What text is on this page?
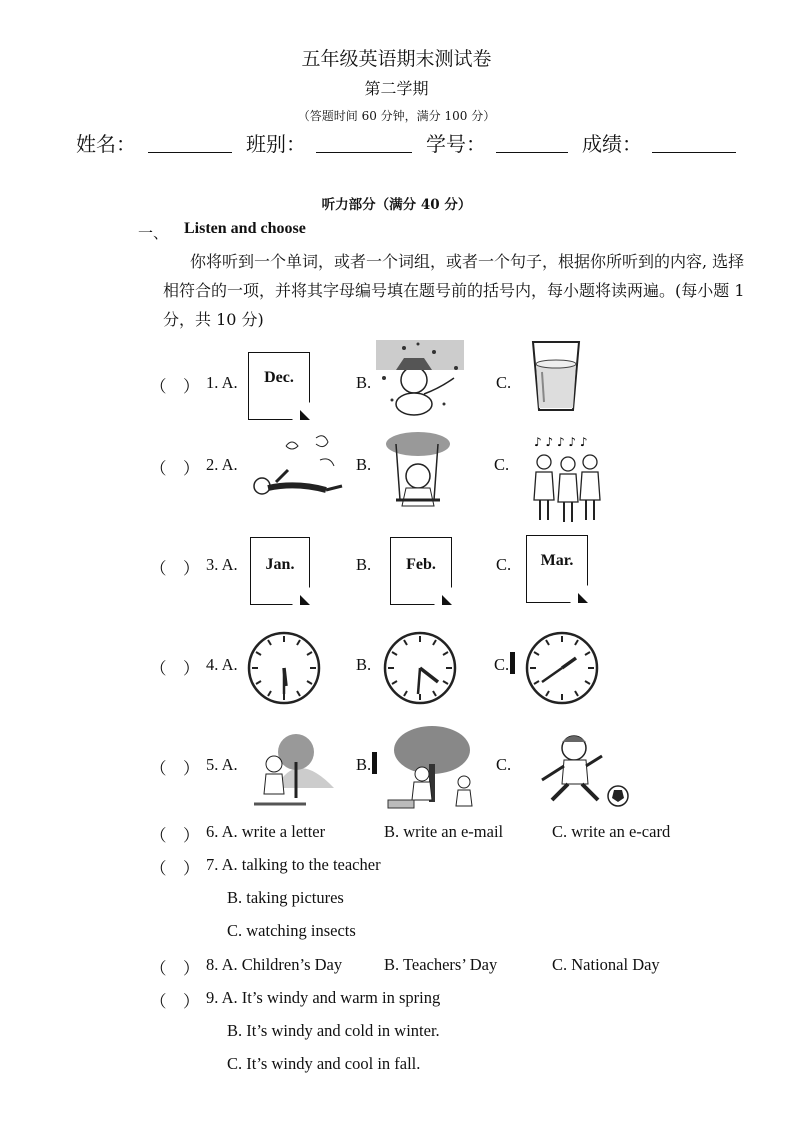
五年级英语期末测试卷
第二学期
（答题时间 60 分钟，满分 100 分）
姓名：	班别：	学号：	成绩：
听力部分（满分 40 分）
一、 Listen and choose
你将听到一个单词，或者一个词组，或者一个句子，根据你所听到的内容, 选择相符合的一项，并将其字母编号填在题号前的括号内，每小题将读两遍。(每小题 1 分，共 10 分)
（　） 1. A.	Dec.	B.	C.
（　） 2. A.	B.	C.
♪ ♪ ♪ ♪ ♪
（　） 3. A.	Jan.	B.	Feb.	C.	Mar.
（　） 4. A.	B.	C.
（　） 5. A.	B.	C.
（　） 6. A. write a letter	B. write an e-mail	C. write an e-card
（　） 7. A. talking to the teacher
B. taking pictures
C. watching insects
（　） 8. A. Children’s Day	B. Teachers’ Day	C. National Day
（　） 9. A. It’s windy and warm in spring
B. It’s windy and cold in winter.
C. It’s windy and cool in fall.
